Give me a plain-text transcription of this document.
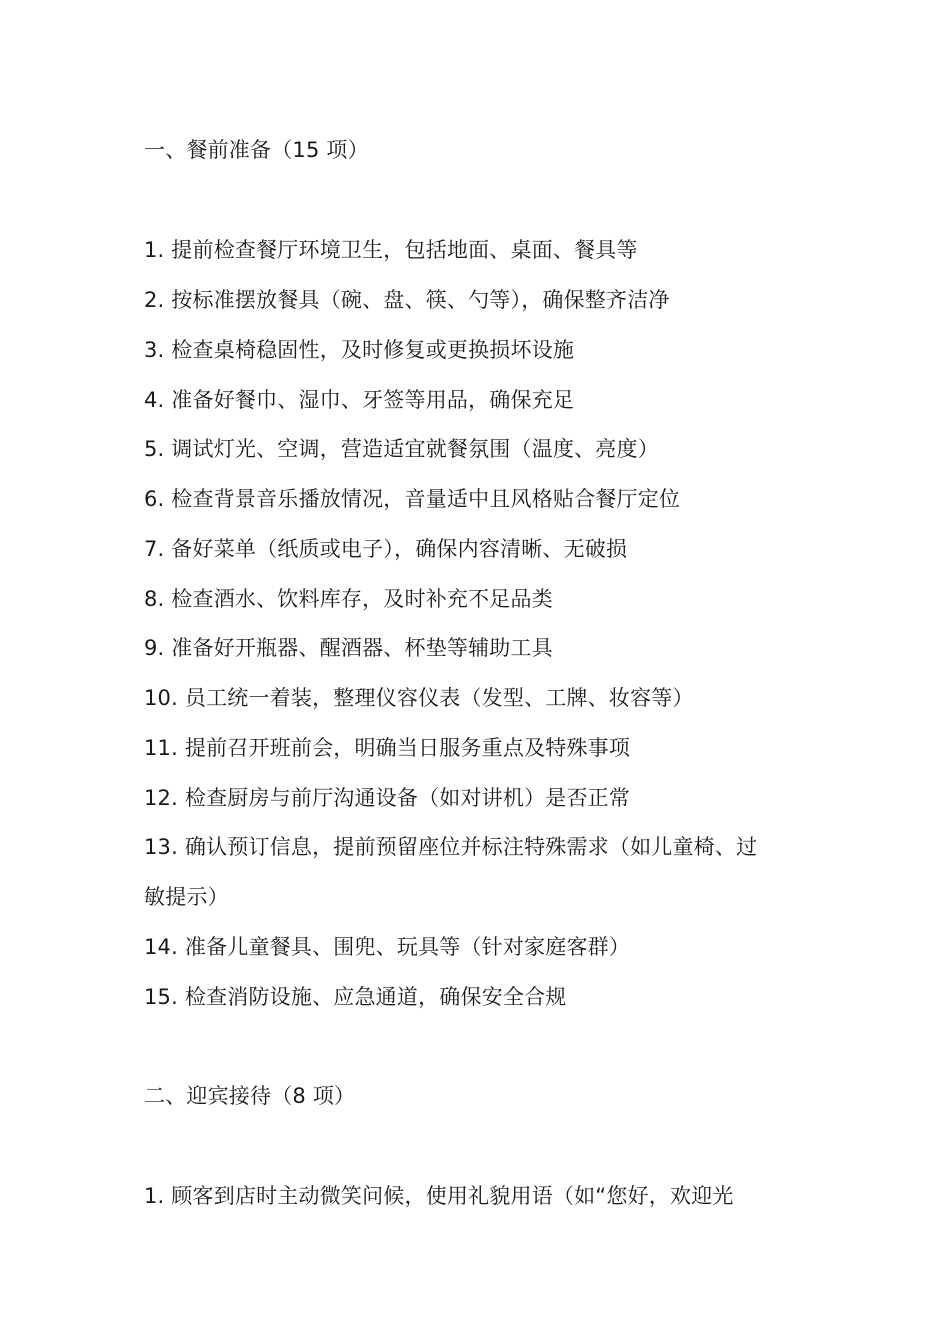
一、餐前准备（15 项）
1. 提前检查餐厅环境卫生，包括地面、桌面、餐具等
2. 按标准摆放餐具（碗、盘、筷、勺等），确保整齐洁净
3. 检查桌椅稳固性，及时修复或更换损坏设施
4. 准备好餐巾、湿巾、牙签等用品，确保充足
5. 调试灯光、空调，营造适宜就餐氛围（温度、亮度）
6. 检查背景音乐播放情况，音量适中且风格贴合餐厅定位
7. 备好菜单（纸质或电子），确保内容清晰、无破损
8. 检查酒水、饮料库存，及时补充不足品类
9. 准备好开瓶器、醒酒器、杯垫等辅助工具
10. 员工统一着装，整理仪容仪表（发型、工牌、妆容等）
11. 提前召开班前会，明确当日服务重点及特殊事项
12. 检查厨房与前厅沟通设备（如对讲机）是否正常
13. 确认预订信息，提前预留座位并标注特殊需求（如儿童椅、过
敏提示）
14. 准备儿童餐具、围兜、玩具等（针对家庭客群）
15. 检查消防设施、应急通道，确保安全合规
二、迎宾接待（8 项）
1. 顾客到店时主动微笑问候，使用礼貌用语（如“您好，欢迎光
